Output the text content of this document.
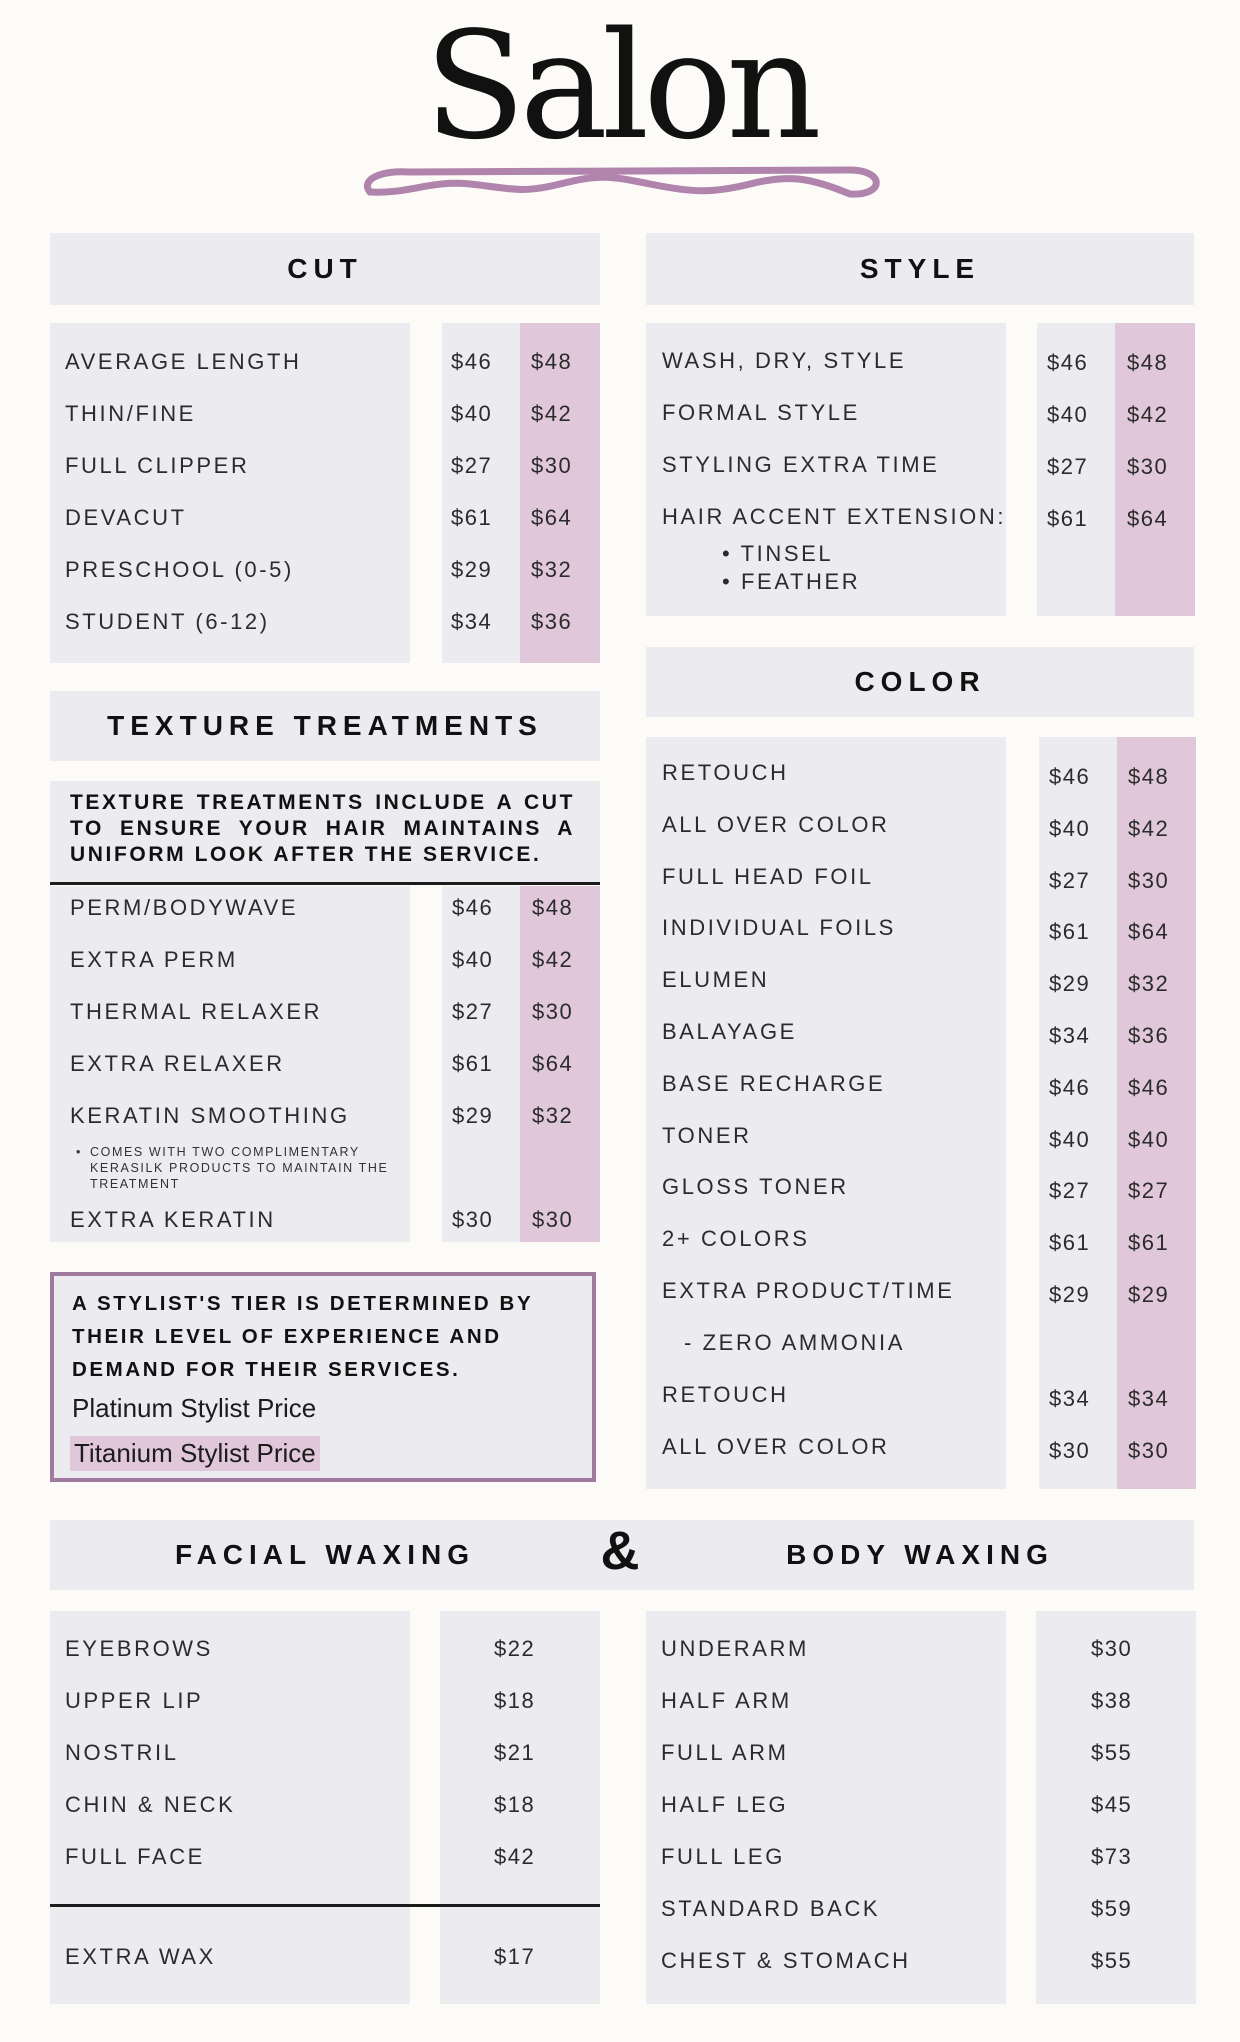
Salon
CUT
AVERAGE LENGTH	$46 $48
THIN/FINE	$40 $42
FULL CLIPPER	$27 $30
DEVACUT	$61 $64
PRESCHOOL (0-5)	$29 $32
STUDENT (6-12)	$34 $36
STYLE
WASH, DRY, STYLE	$46 $48
FORMAL STYLE	$40 $42
STYLING EXTRA TIME	$27 $30
HAIR ACCENT EXTENSION: $61 $64
• TINSEL
• FEATHER
TEXTURE TREATMENTS
TEXTURE TREATMENTS INCLUDE A CUT TO ENSURE YOUR HAIR MAINTAINS A UNIFORM LOOK AFTER THE SERVICE.
PERM/BODYWAVE	$46 $48
EXTRA PERM	$40 $42
THERMAL RELAXER	$27 $30
EXTRA RELAXER	$61 $64
KERATIN SMOOTHING	$29 $32
• COMES WITH TWO COMPLIMENTARY
KERASILK PRODUCTS TO MAINTAIN THE
TREATMENT
EXTRA KERATIN	$30 $30
A STYLIST'S TIER IS DETERMINED BY THEIR LEVEL OF EXPERIENCE AND DEMAND FOR THEIR SERVICES.
Platinum Stylist Price
Titanium Stylist Price
COLOR
RETOUCH	$46 $48
ALL OVER COLOR	$40 $42
FULL HEAD FOIL	$27 $30
INDIVIDUAL FOILS	$61 $64
ELUMEN	$29 $32
BALAYAGE	$34 $36
BASE RECHARGE	$46 $46
TONER	$40 $40
GLOSS TONER	$27 $27
2+ COLORS	$61 $61
EXTRA PRODUCT/TIME	$29 $29
- ZERO AMMONIA
RETOUCH	$34 $34
ALL OVER COLOR	$30 $30
FACIAL WAXING	&	BODY WAXING
EYEBROWS	$22
UPPER LIP	$18
NOSTRIL	$21
CHIN & NECK	$18
FULL FACE	$42
EXTRA WAX	$17
UNDERARM	$30
HALF ARM	$38
FULL ARM	$55
HALF LEG	$45
FULL LEG	$73
STANDARD BACK	$59
CHEST & STOMACH	$55
